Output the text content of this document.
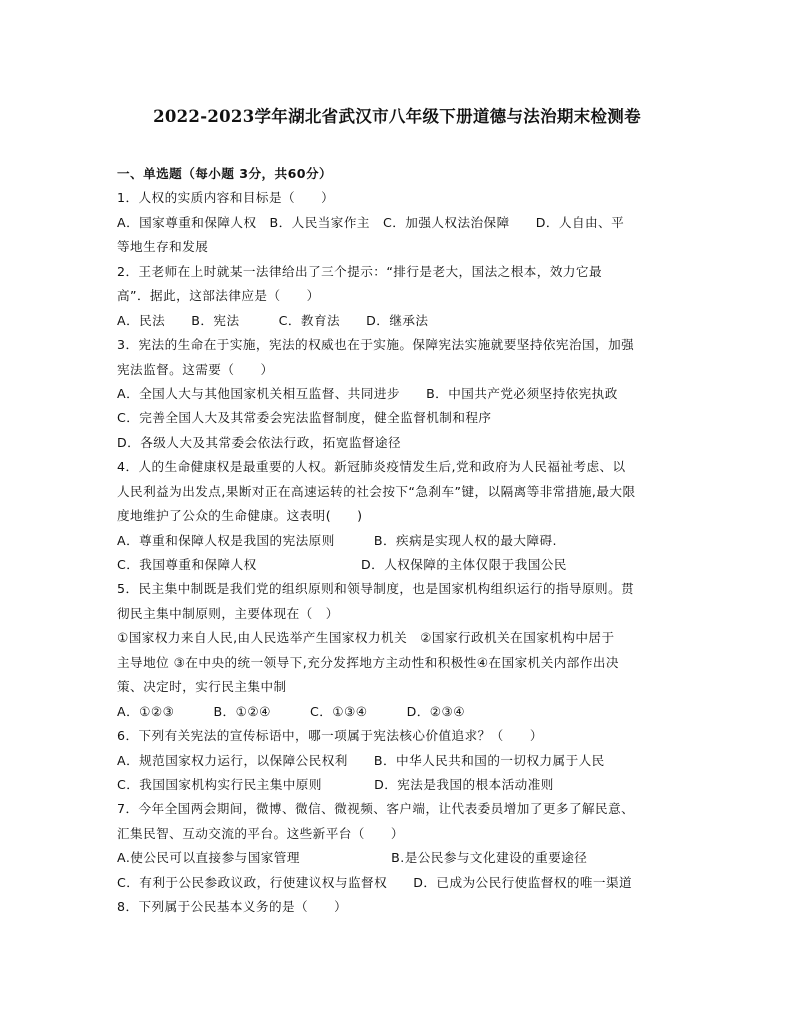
2022-2023学年湖北省武汉市八年级下册道德与法治期末检测卷
一、单选题（每小题 3分，共60分）
1．人权的实质内容和目标是（　　）
A．国家尊重和保障人权　B．人民当家作主　C．加强人权法治保障　　D．人自由、平
等地生存和发展
2．王老师在上时就某一法律给出了三个提示：“排行是老大，国法之根本，效力它最
高”．据此，这部法律应是（　　）
A．民法　　B．宪法　　　C．教育法　　D．继承法
3．宪法的生命在于实施，宪法的权威也在于实施。保障宪法实施就要坚持依宪治国，加强
宪法监督。这需要（　　）
A．全国人大与其他国家机关相互监督、共同进步　　B．中国共产党必须坚持依宪执政
C．完善全国人大及其常委会宪法监督制度，健全监督机制和程序
D．各级人大及其常委会依法行政，拓宽监督途径
4．人的生命健康权是最重要的人权。新冠肺炎疫情发生后,党和政府为人民福祉考虑、以
人民利益为出发点,果断对正在高速运转的社会按下“急刹车”键，以隔离等非常措施,最大限
度地维护了公众的生命健康。这表明(　　)
A．尊重和保障人权是我国的宪法原则　　　B．疾病是实现人权的最大障碍.
C．我国尊重和保障人权　　　　　　　　D．人权保障的主体仅限于我国公民
5．民主集中制既是我们党的组织原则和领导制度，也是国家机构组织运行的指导原则。贯
彻民主集中制原则，主要体现在（　）
①国家权力来自人民,由人民选举产生国家权力机关　②国家行政机关在国家机构中居于
主导地位 ③在中央的统一领导下,充分发挥地方主动性和积极性④在国家机关内部作出决
策、决定时，实行民主集中制
A．①②③　　　B．①②④　　　C．①③④　　　D．②③④
6．下列有关宪法的宣传标语中，哪一项属于宪法核心价值追求？（　　）
A．规范国家权力运行，以保障公民权利　　B．中华人民共和国的一切权力属于人民
C．我国国家机构实行民主集中原则　　　　D．宪法是我国的根本活动准则
7．今年全国两会期间，微博、微信、微视频、客户端，让代表委员增加了更多了解民意、
汇集民智、互动交流的平台。这些新平台（　　）
A.使公民可以直接参与国家管理　　　　　　　B.是公民参与文化建设的重要途径
C．有利于公民参政议政，行使建议权与监督权　　D．已成为公民行使监督权的唯一渠道
8．下列属于公民基本义务的是（　　）
